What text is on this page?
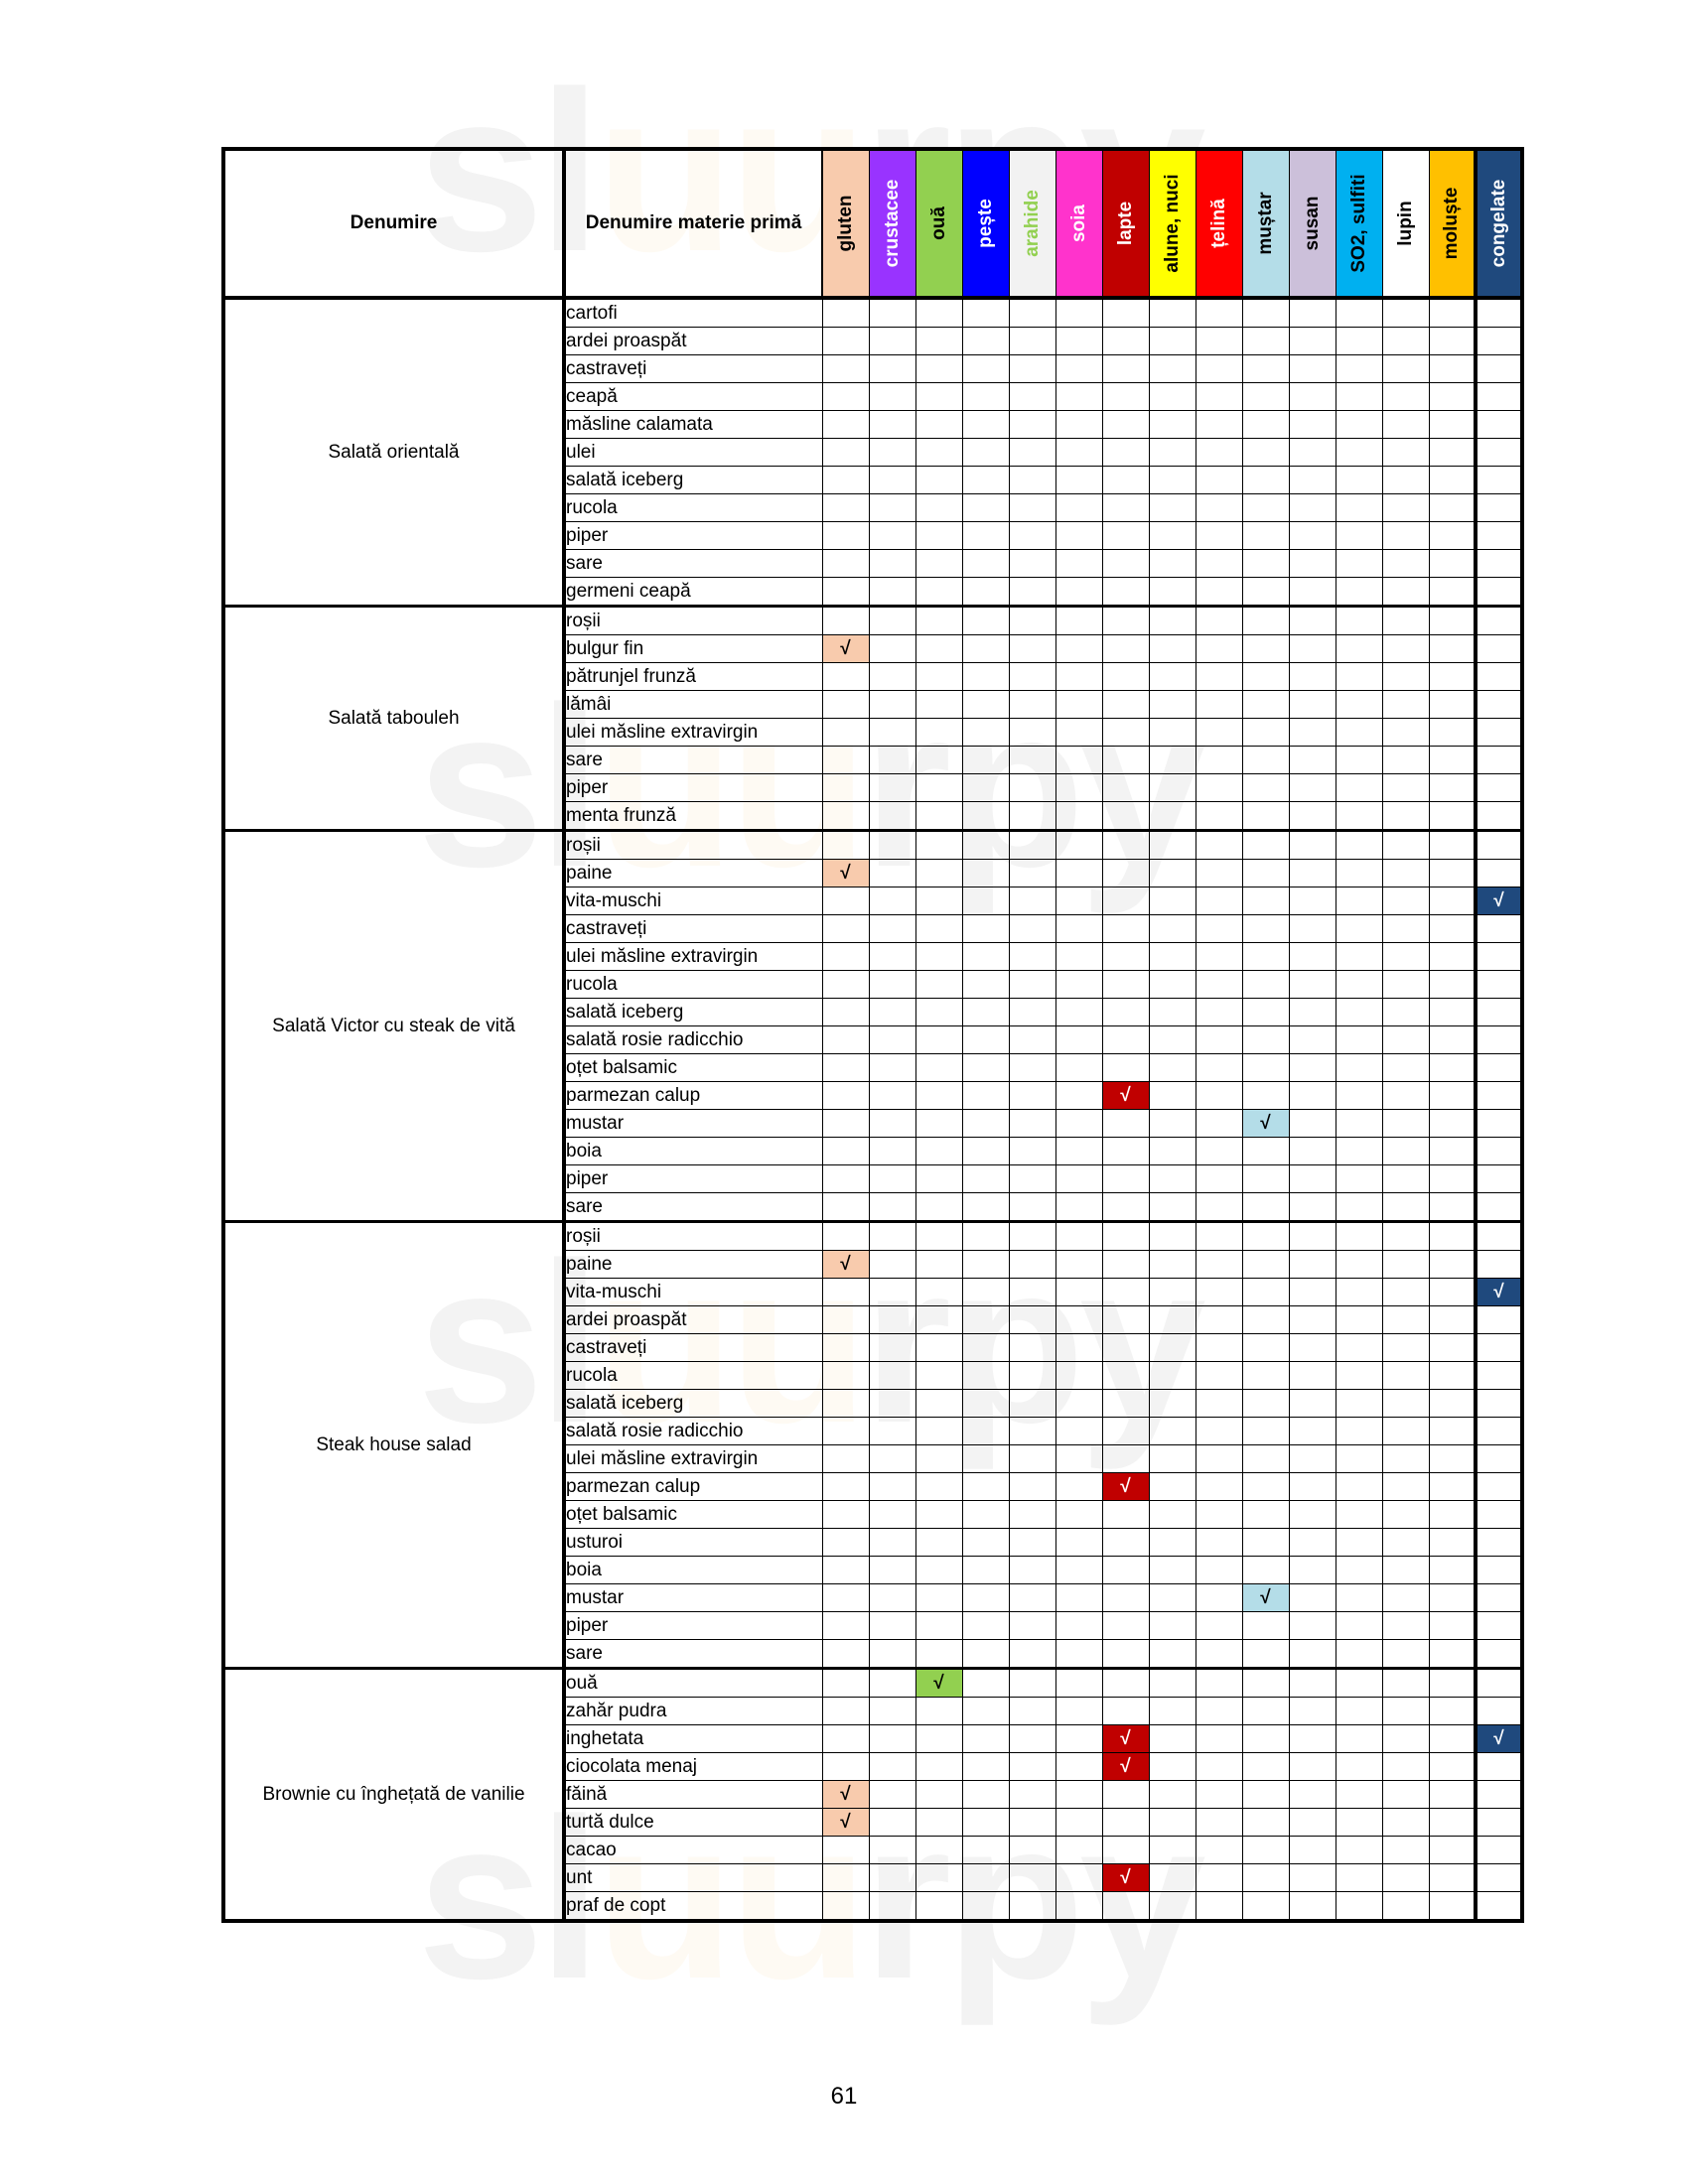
Denumire	Denumire materie primă	gluten	crustacee	ouă	pește	arahide	soia	lapte	alune, nuci	țelină	muștar	susan	SO2, sulfiti	lupin	moluște	congelate

Salată orientală	cartofi															
	ardei proaspăt															
	castraveți															
	ceapă															
	măsline calamata															
	ulei															
	salată iceberg															
	rucola															
	piper															
	sare															
	germeni ceapă															
Salată tabouleh	roșii															
	bulgur fin	√														

	pătrunjel frunză															
	lămâi															
	ulei măsline extravirgin															
	sare															
	piper															
	menta frunză															
Salată Victor cu steak de vită	roșii															
	paine	√														

	vita-muschi															√

	castraveți															
	ulei măsline extravirgin															
	rucola															
	salată iceberg															
	salată rosie radicchio															
	oțet balsamic															
	parmezan calup							√								

	mustar										√					

	boia															
	piper															
	sare															
Steak house salad	roșii															
	paine	√														

	vita-muschi															√

	ardei proaspăt															
	castraveți															
	rucola															
	salată iceberg															
	salată rosie radicchio															
	ulei măsline extravirgin															
	parmezan calup							√								

	oțet balsamic															
	usturoi															
	boia															
	mustar										√					

	piper															
	sare															
Brownie cu înghețată de vanilie	ouă			√												

	zahăr pudra															
	inghetata							√								√

	ciocolata menaj							√								

	făină	√														

	turtă dulce	√														

	cacao															
	unt							√								

	praf de copt															
61
